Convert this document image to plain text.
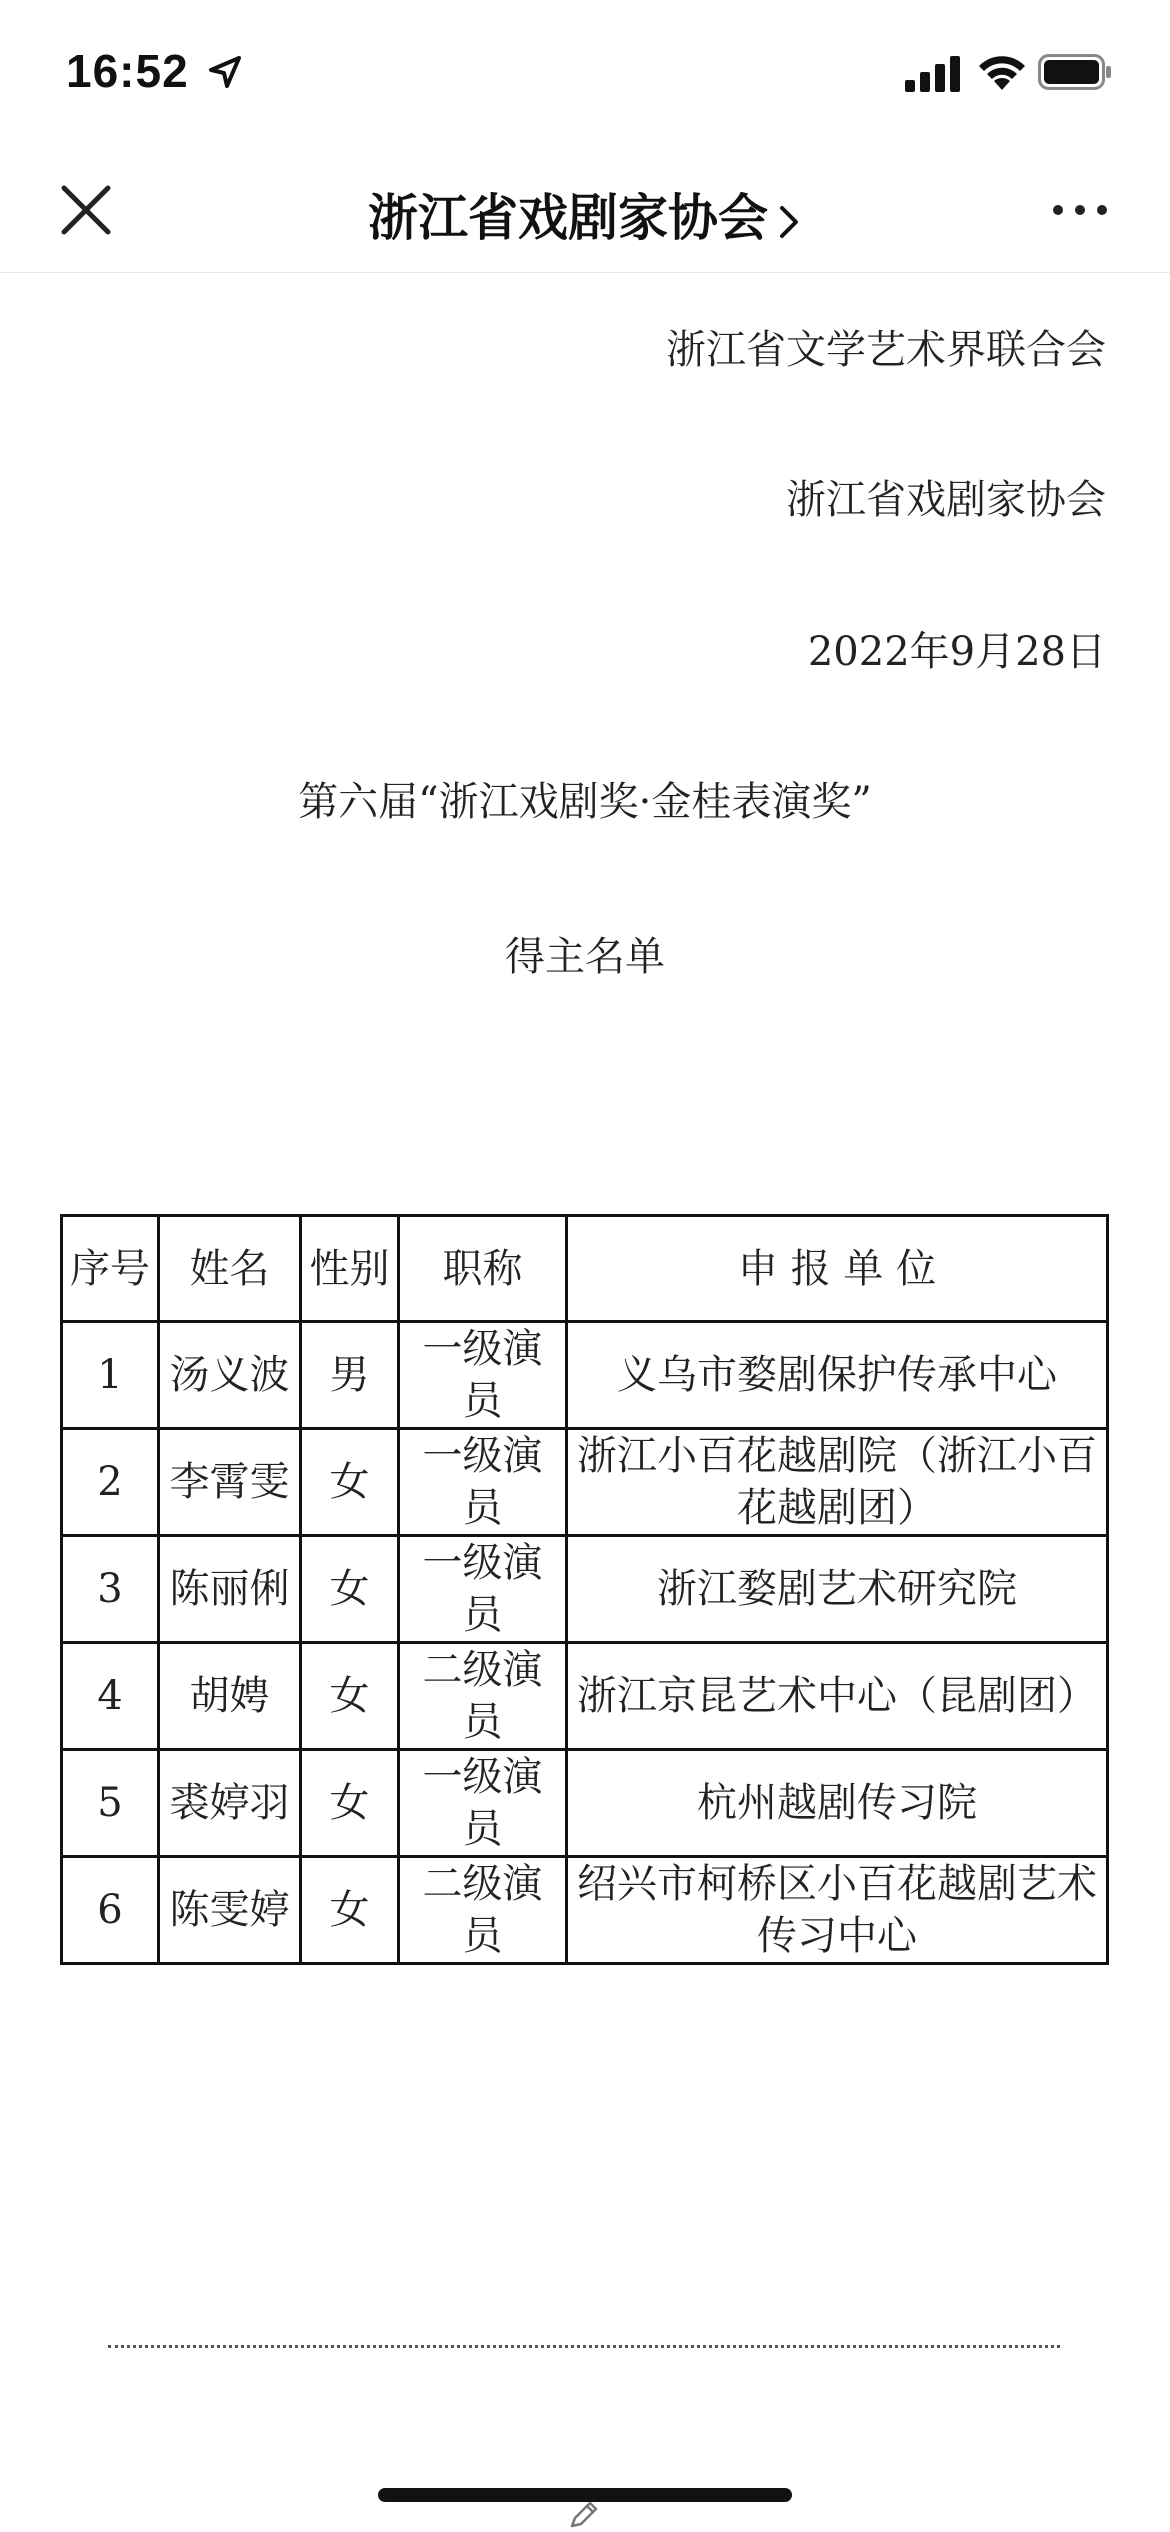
16:52
浙江省戏剧家协会
浙江省文学艺术界联合会
浙江省戏剧家协会
2022年9月28日
第六届“浙江戏剧奖·金桂表演奖”
得主名单
序号	姓名	性别	职称	申 报 单 位
1	汤义波	男	一级演员	义乌市婺剧保护传承中心
2	李霄雯	女	一级演员	浙江小百花越剧院（浙江小百花越剧团）
3	陈丽俐	女	一级演员	浙江婺剧艺术研究院
4	胡娉	女	二级演员	浙江京昆艺术中心（昆剧团）
5	裘婷羽	女	一级演员	杭州越剧传习院
6	陈雯婷	女	二级演员	绍兴市柯桥区小百花越剧艺术传习中心
